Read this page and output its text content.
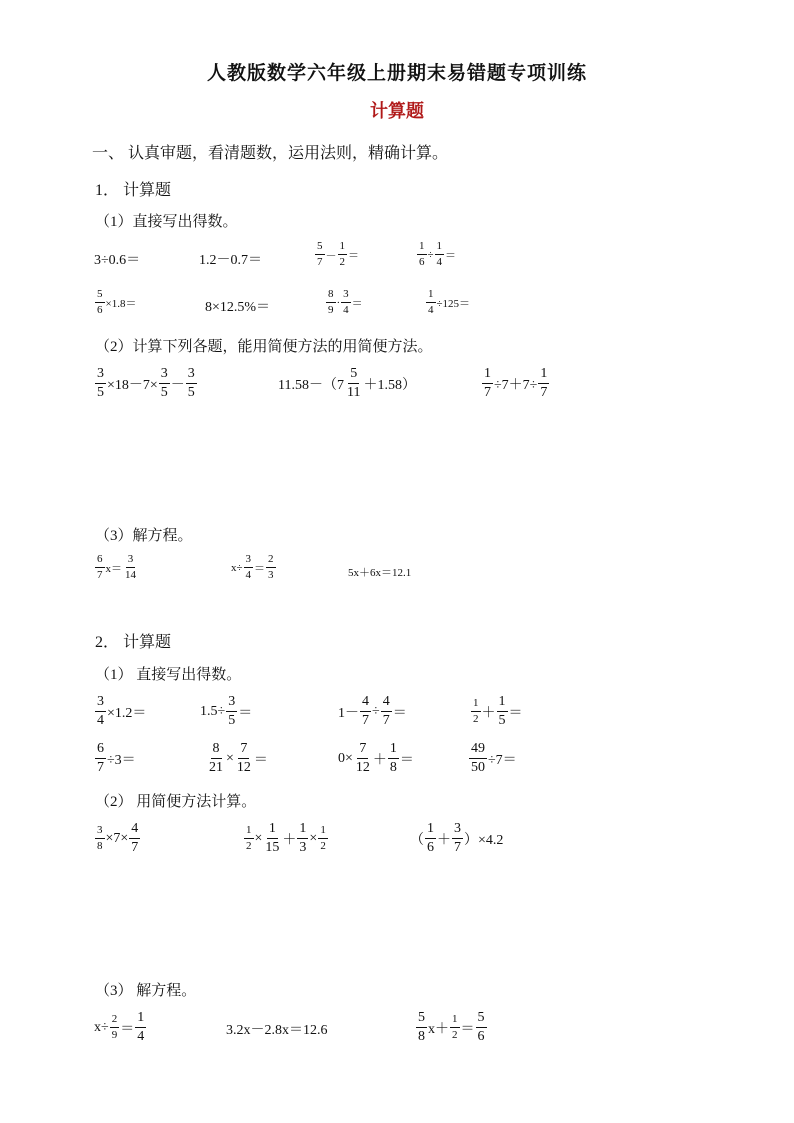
人教版数学六年级上册期末易错题专项训练
计算题
一、 认真审题，看清题数，运用法则，精确计算。
1． 计算题
（1）直接写出得数。
3÷0.6＝	1.2－0.7＝	$\frac{5}{7} - \frac{1}{2}$ ＝	$\frac{1}{6} \div \frac{1}{4}$ ＝
$\frac{5}{6} \times 1.8=$	8×12.5%＝	$\frac{8}{9} \cdot \frac{3}{4}$ ＝	$\frac{1}{4} \div 125=$
（2）计算下列各题，能用简便方法的用简便方法。
$\frac{3}{5} \times 18-7\times \frac{3}{5} - \frac{3}{5}$	$11.58-(7 \frac{5}{11} +1.58)$	$\frac{1}{7} \div 7+7\div \frac{1}{7}$
（3）解方程。
$\frac{6}{7} x= \frac{3}{14}$	$x\div \frac{3}{4} = \frac{2}{3}$	5x＋6x＝12.1
2． 计算题
（1） 直接写出得数。
$\frac{3}{4} \times 1.2=$	$1.5\div \frac{3}{5}$ ＝	$1- \frac{4}{7} \div \frac{4}{7}$ ＝	$\frac{1}{2} + \frac{1}{5}$ ＝
$\frac{6}{7} \div 3=$	$\frac{8}{21} \times \frac{7}{12}$ ＝	$0\times \frac{7}{12} + \frac{1}{8}$ ＝	$\frac{49}{50} \div 7=$
（2） 用简便方法计算。
$\frac{3}{8} \times 7\times \frac{4}{7}$	$\frac{1}{2} \times \frac{1}{15} + \frac{1}{3} \times \frac{1}{2}$	（ $\frac{1}{6} + \frac{3}{7} )\times 4.2$
（3） 解方程。
$x\div \frac{2}{9} = \frac{1}{4}$	3.2x－2.8x＝12.6	$\frac{5}{8} x+ \frac{1}{2} = \frac{5}{6}$
